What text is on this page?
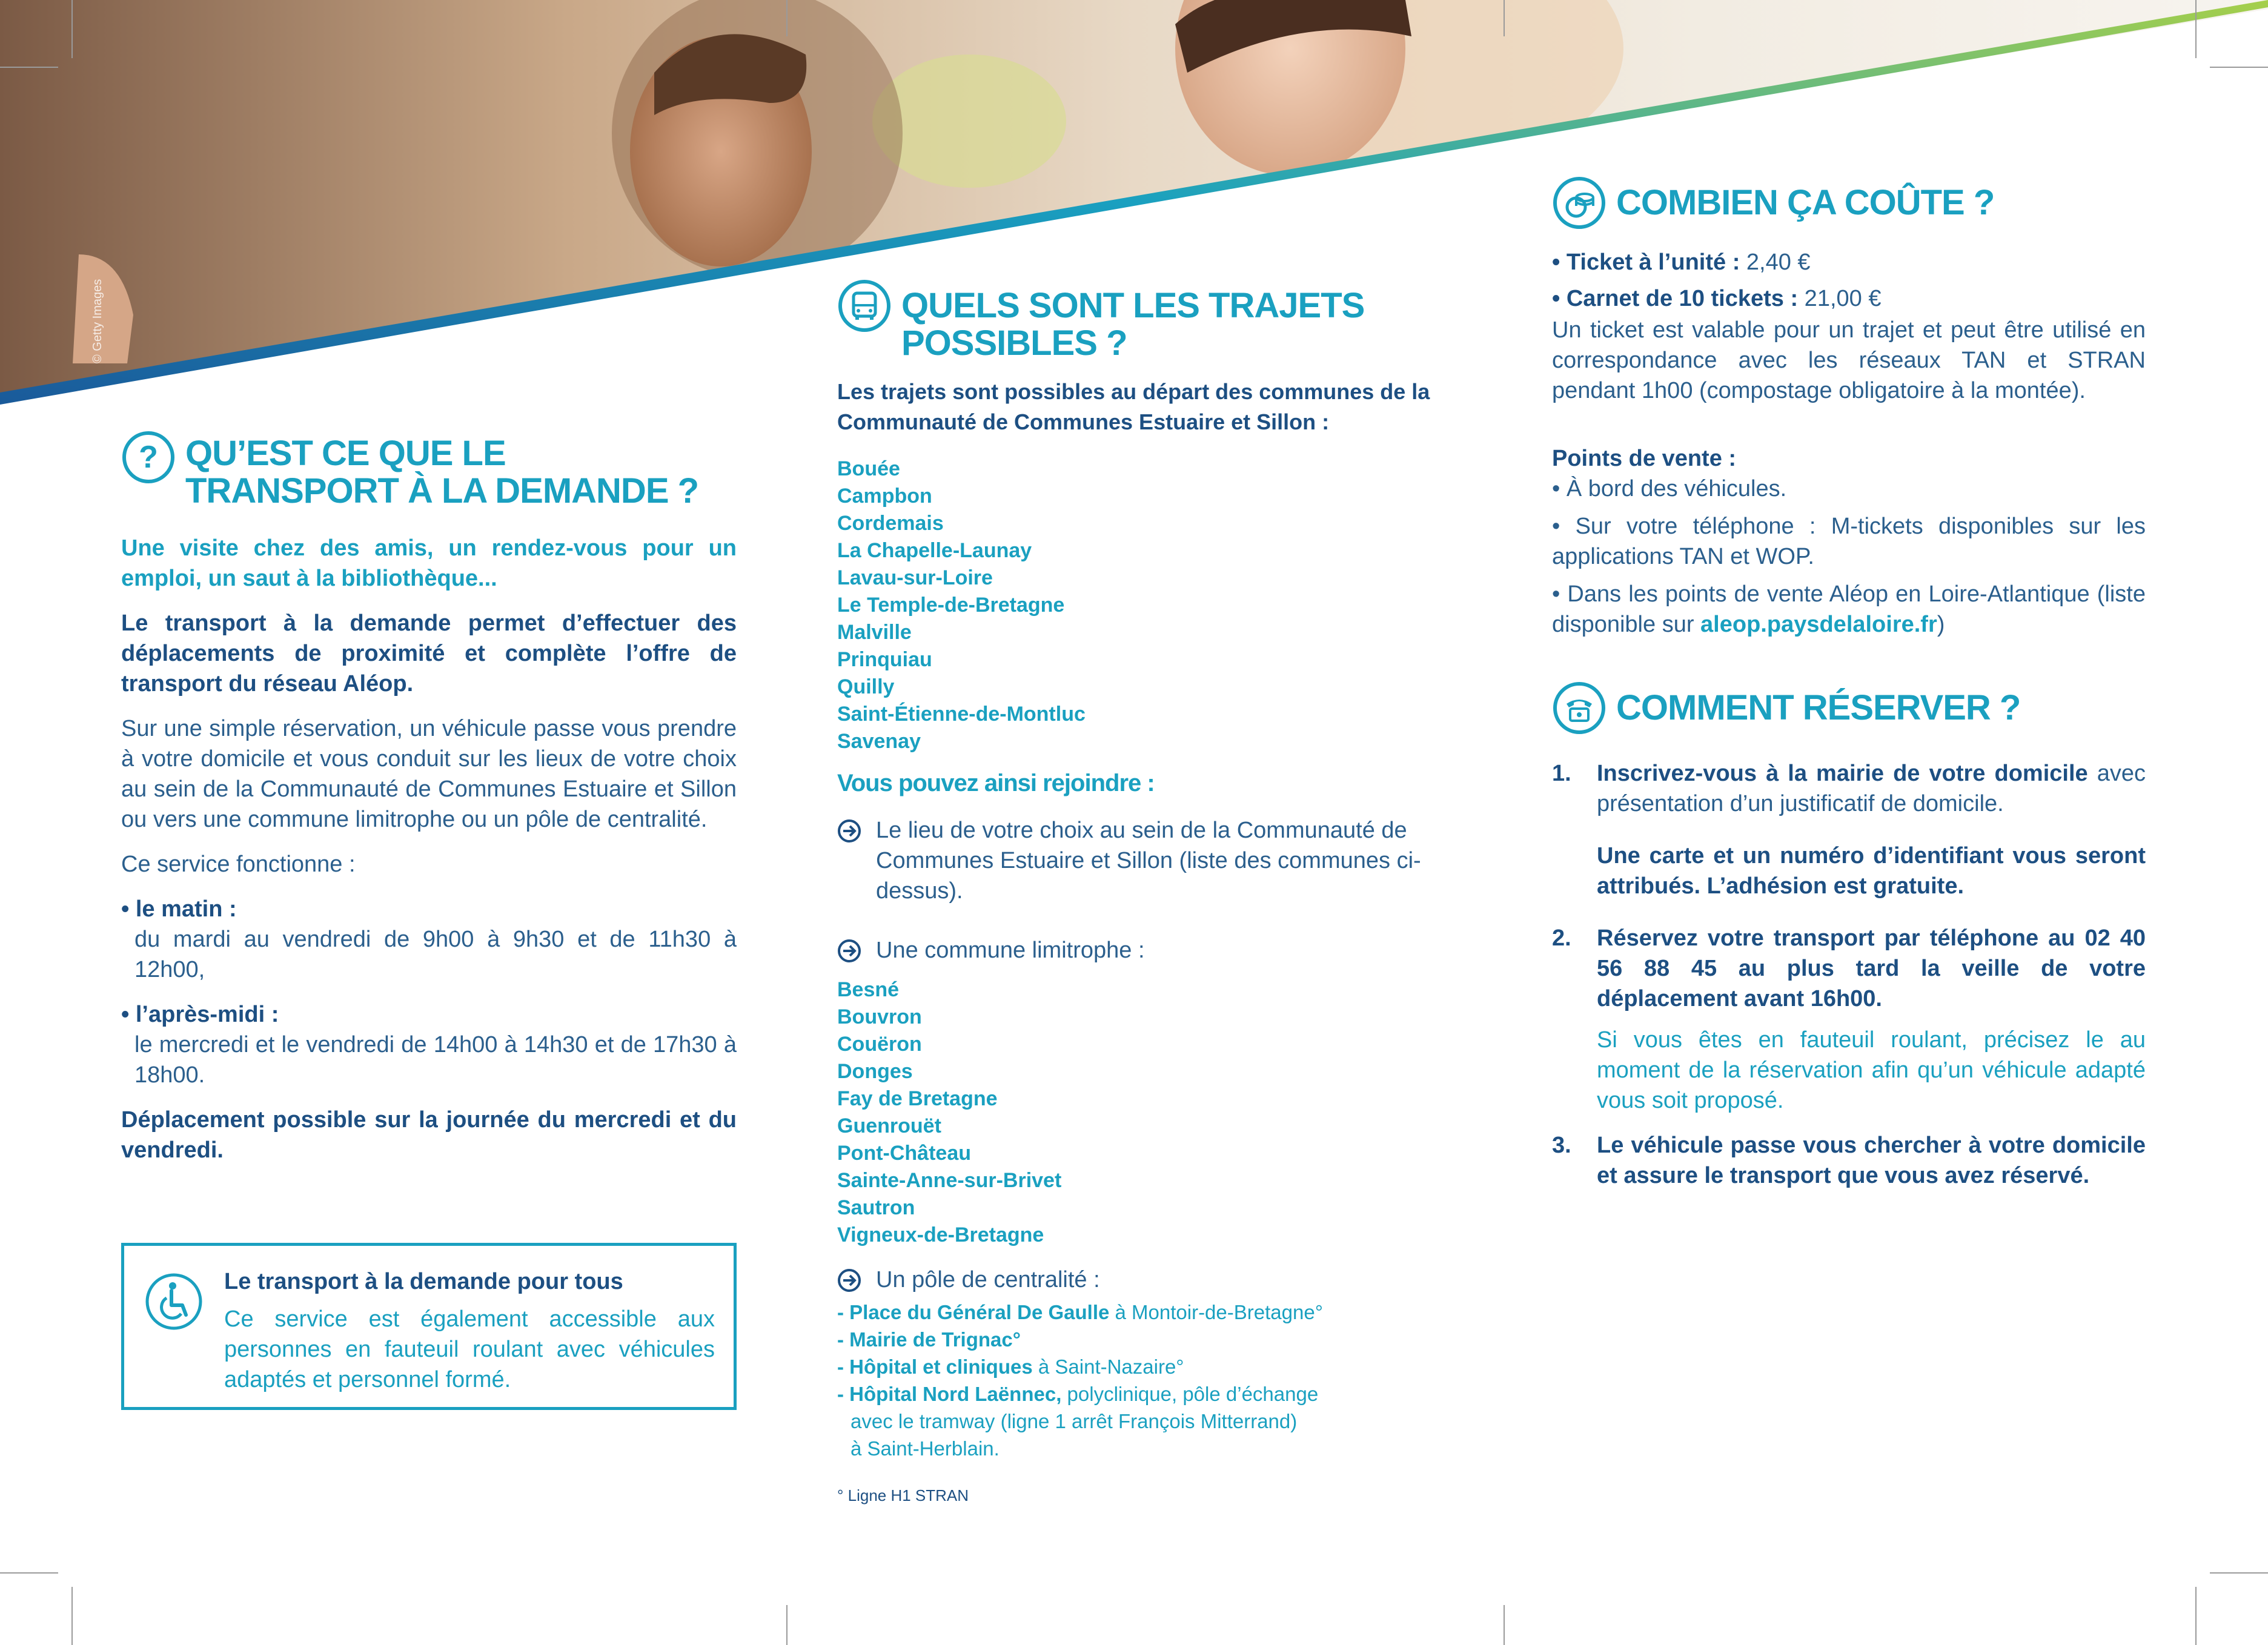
© Getty Images
? QU’EST CE QUE LE
TRANSPORT À LA DEMANDE ?

Une visite chez des amis, un rendez-vous pour un emploi, un saut à la bibliothèque...

Le transport à la demande permet d’effectuer des déplacements de proximité et complète l’offre de transport du réseau Aléop.

Sur une simple réservation, un véhicule passe vous prendre à votre domicile et vous conduit sur les lieux de votre choix au sein de la Communauté de Communes Estuaire et Sillon ou vers une commune limitrophe ou un pôle de centralité.

Ce service fonctionne :

• le matin :

du mardi au vendredi de 9h00 à 9h30 et de 11h30 à 12h00,

• l’après-midi :

le mercredi et le vendredi de 14h00 à 14h30 et de 17h30 à 18h00.

Déplacement possible sur la journée du mercredi et du vendredi.

Le transport à la demande pour tous
Ce service est également accessible aux personnes en fauteuil roulant avec véhicules adaptés et personnel formé.
QUELS SONT LES TRAJETS
POSSIBLES ?

Les trajets sont possibles au départ des communes de la Communauté de Communes Estuaire et Sillon :

Bouée
Campbon
Cordemais
La Chapelle-Launay
Lavau-sur-Loire
Le Temple-de-Bretagne
Malville
Prinquiau
Quilly
Saint-Étienne-de-Montluc
Savenay
Vous pouvez ainsi rejoindre :

Le lieu de votre choix au sein de la Communauté de Communes Estuaire et Sillon (liste des communes ci-dessus).

Une commune limitrophe :

Besné
Bouvron
Couëron
Donges
Fay de Bretagne
Guenrouët
Pont-Château
Sainte-Anne-sur-Brivet
Sautron
Vigneux-de-Bretagne

Un pôle de centralité :

- Place du Général De Gaulle à Montoir-de-Bretagne°
- Mairie de Trignac°
- Hôpital et cliniques à Saint-Nazaire°
- Hôpital Nord Laënnec, polyclinique, pôle d’échange
avec le tramway (ligne 1 arrêt François Mitterrand)
à Saint-Herblain.
° Ligne H1 STRAN
COMBIEN ÇA COÛTE ?

• Ticket à l’unité : 2,40 €

• Carnet de 10 tickets : 21,00 €

Un ticket est valable pour un trajet et peut être utilisé en correspondance avec les réseaux TAN et STRAN pendant 1h00 (compostage obligatoire à la montée).

Points de vente :

• À bord des véhicules.

• Sur votre téléphone : M-tickets disponibles sur les applications TAN et WOP.

• Dans les points de vente Aléop en Loire-Atlantique (liste disponible sur aleop.paysdelaloire.fr)

COMMENT RÉSERVER ?
1.	Inscrivez-vous à la mairie de votre domicile avec présentation d’un justificatif de domicile.

Une carte et un numéro d’identifiant vous seront attribués. L’adhésion est gratuite.

2.	Réservez votre transport par téléphone au 02 40 56 88 45 au plus tard la veille de votre déplacement avant 16h00.

Si vous êtes en fauteuil roulant, précisez le au moment de la réservation afin qu’un véhicule adapté vous soit proposé.

3.	Le véhicule passe vous chercher à votre domicile et assure le transport que vous avez réservé.
